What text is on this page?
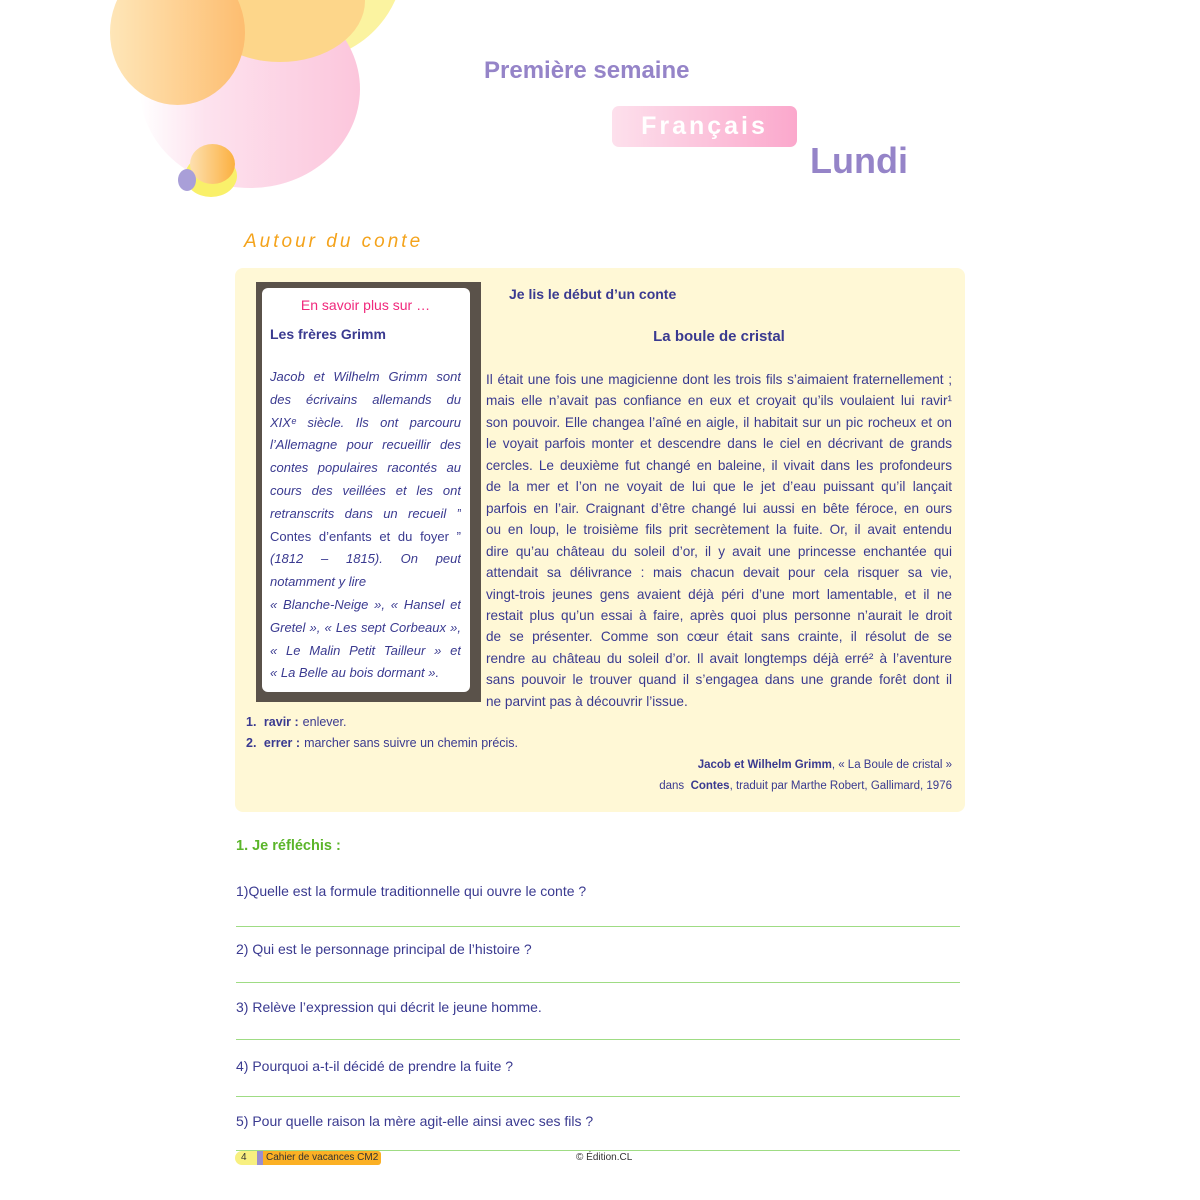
Première semaine
Français
Lundi
Autour du conte
En savoir plus sur …
Les frères Grimm
Jacob et Wilhelm Grimm sont
des écrivains allemands du
XIXᵉ siècle. Ils ont parcouru
l’Allemagne pour recueillir des
contes populaires racontés au
cours des veillées et les ont
retranscrits dans un recueil ”
Contes d’enfants et du foyer ”
(1812 – 1815). On peut
notamment y lire
« Blanche-Neige », « Hansel et
Gretel », « Les sept Corbeaux »,
« Le Malin Petit Tailleur » et
« La Belle au bois dormant ».
Je lis le début d’un conte
La boule de cristal
Il était une fois une magicienne dont les trois fils s’aimaient fraternellement ;
mais elle n’avait pas confiance en eux et croyait qu’ils voulaient lui ravir¹
son pouvoir. Elle changea l’aîné en aigle, il habitait sur un pic rocheux et on
le voyait parfois monter et descendre dans le ciel en décrivant de grands
cercles. Le deuxième fut changé en baleine, il vivait dans les profondeurs
de la mer et l’on ne voyait de lui que le jet d’eau puissant qu’il lançait
parfois en l’air. Craignant d’être changé lui aussi en bête féroce, en ours
ou en loup, le troisième fils prit secrètement la fuite. Or, il avait entendu
dire qu’au château du soleil d’or, il y avait une princesse enchantée qui
attendait sa délivrance : mais chacun devait pour cela risquer sa vie,
vingt-trois jeunes gens avaient déjà péri d’une mort lamentable, et il ne
restait plus qu’un essai à faire, après quoi plus personne n’aurait le droit
de se présenter. Comme son cœur était sans crainte, il résolut de se
rendre au château du soleil d’or. Il avait longtemps déjà erré² à l’aventure
sans pouvoir le trouver quand il s’engagea dans une grande forêt dont il
ne parvint pas à découvrir l’issue.
1. ravir : enlever.
2. errer : marcher sans suivre un chemin précis.
Jacob et Wilhelm Grimm, « La Boule de cristal »
dans Contes, traduit par Marthe Robert, Gallimard, 1976
1. Je réfléchis :
1)Quelle est la formule traditionnelle qui ouvre le conte ?
2) Qui est le personnage principal de l’histoire ?
3) Relève l’expression qui décrit le jeune homme.
4) Pourquoi a-t-il décidé de prendre la fuite ?
5) Pour quelle raison la mère agit-elle ainsi avec ses fils ?
4	Cahier de vacances CM2	© Édition.CL
